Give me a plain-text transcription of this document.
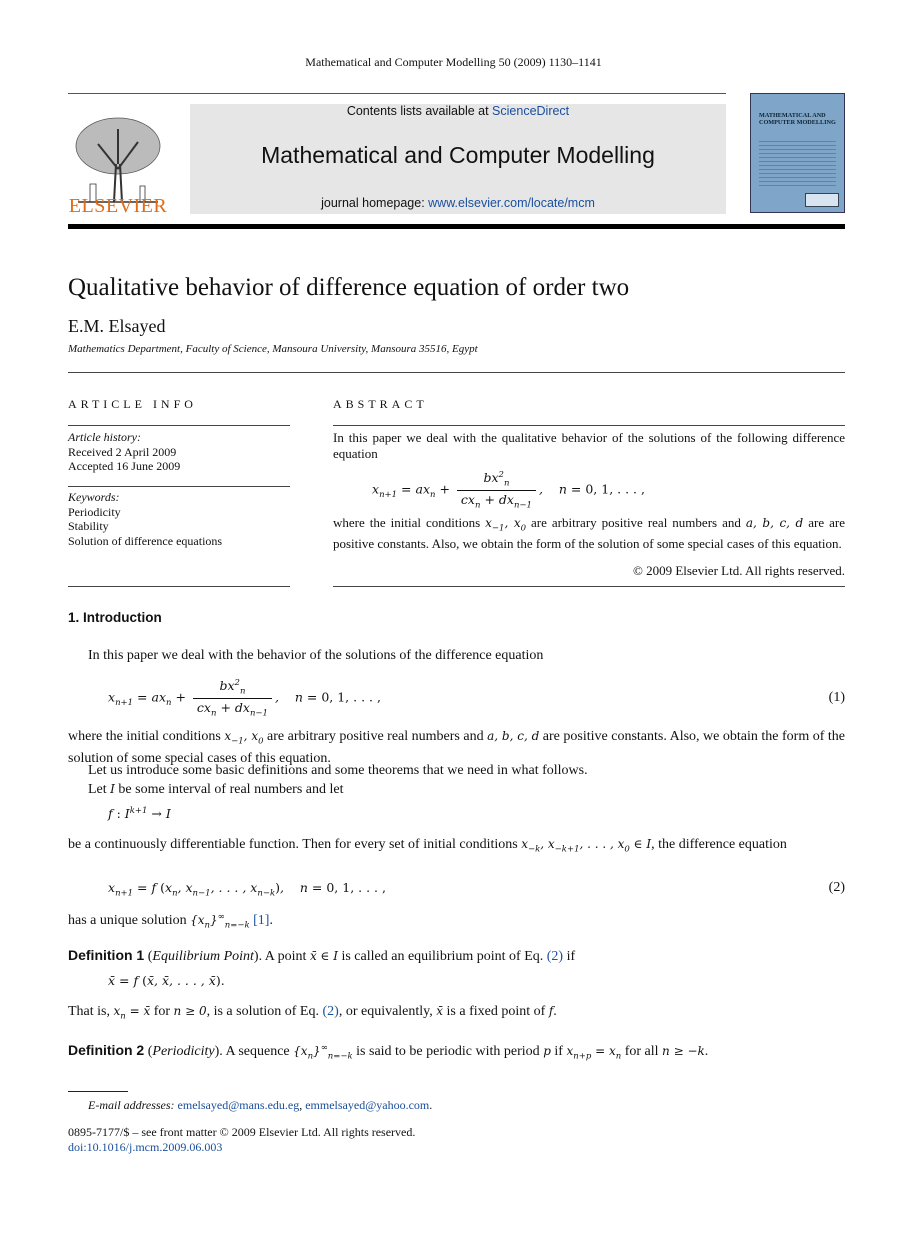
Mathematical and Computer Modelling 50 (2009) 1130–1141
ELSEVIER
Contents lists available at ScienceDirect
Mathematical and Computer Modelling
journal homepage: www.elsevier.com/locate/mcm
MATHEMATICAL AND COMPUTER MODELLING
Qualitative behavior of difference equation of order two
E.M. Elsayed
Mathematics Department, Faculty of Science, Mansoura University, Mansoura 35516, Egypt
ARTICLE INFO	ABSTRACT
Article history:
Received 2 April 2009
Accepted 16 June 2009
Keywords:
Periodicity
Stability
Solution of difference equations
In this paper we deal with the qualitative behavior of the solutions of the following difference equation
$x_{n+1} = ax_n + \frac{bx^2_n}{cx_n + dx_{n-1}}$ ,    n = 0, 1, . . . ,
where the initial conditions $x_{-1}$, $x_0$ are arbitrary positive real numbers and a, b, c, d are are positive constants. Also, we obtain the form of the solution of some special cases of this equation.
© 2009 Elsevier Ltd. All rights reserved.
1. Introduction
In this paper we deal with the behavior of the solutions of the difference equation
$x_{n+1} = ax_n + \frac{bx^2_n}{cx_n + dx_{n-1}}$ ,    n = 0, 1, . . . ,	(1)
where the initial conditions $x_{-1}$, $x_0$ are arbitrary positive real numbers and a, b, c, d are positive constants. Also, we obtain the form of the solution of some special cases of this equation.
Let us introduce some basic definitions and some theorems that we need in what follows.
Let I be some interval of real numbers and let
f : $I^{k+1} \to I$
be a continuously differentiable function. Then for every set of initial conditions $x_{-k}$, $x_{-k+1}$, . . . , $x_0$ ∈ I, the difference equation
$x_{n+1} = f$ ($x_n$, $x_{n-1}$, . . . , $x_{n-k}$),    n = 0, 1, . . . ,	(2)
has a unique solution $\{x_n\}^\infty_{n=-k}$ [1].
Definition 1 (Equilibrium Point). A point x̄ ∈ I is called an equilibrium point of Eq. (2) if
x̄ = f (x̄, x̄, . . . , x̄).
That is, $x_n$ = x̄ for n ≥ 0, is a solution of Eq. (2), or equivalently, x̄ is a fixed point of f.
Definition 2 (Periodicity). A sequence $\{x_n\}^\infty_{n=-k}$ is said to be periodic with period p if $x_{n+p} = x_n$ for all n ≥ −k.
E-mail addresses: emelsayed@mans.edu.eg, emmelsayed@yahoo.com.
0895-7177/$ – see front matter © 2009 Elsevier Ltd. All rights reserved.
doi:10.1016/j.mcm.2009.06.003
